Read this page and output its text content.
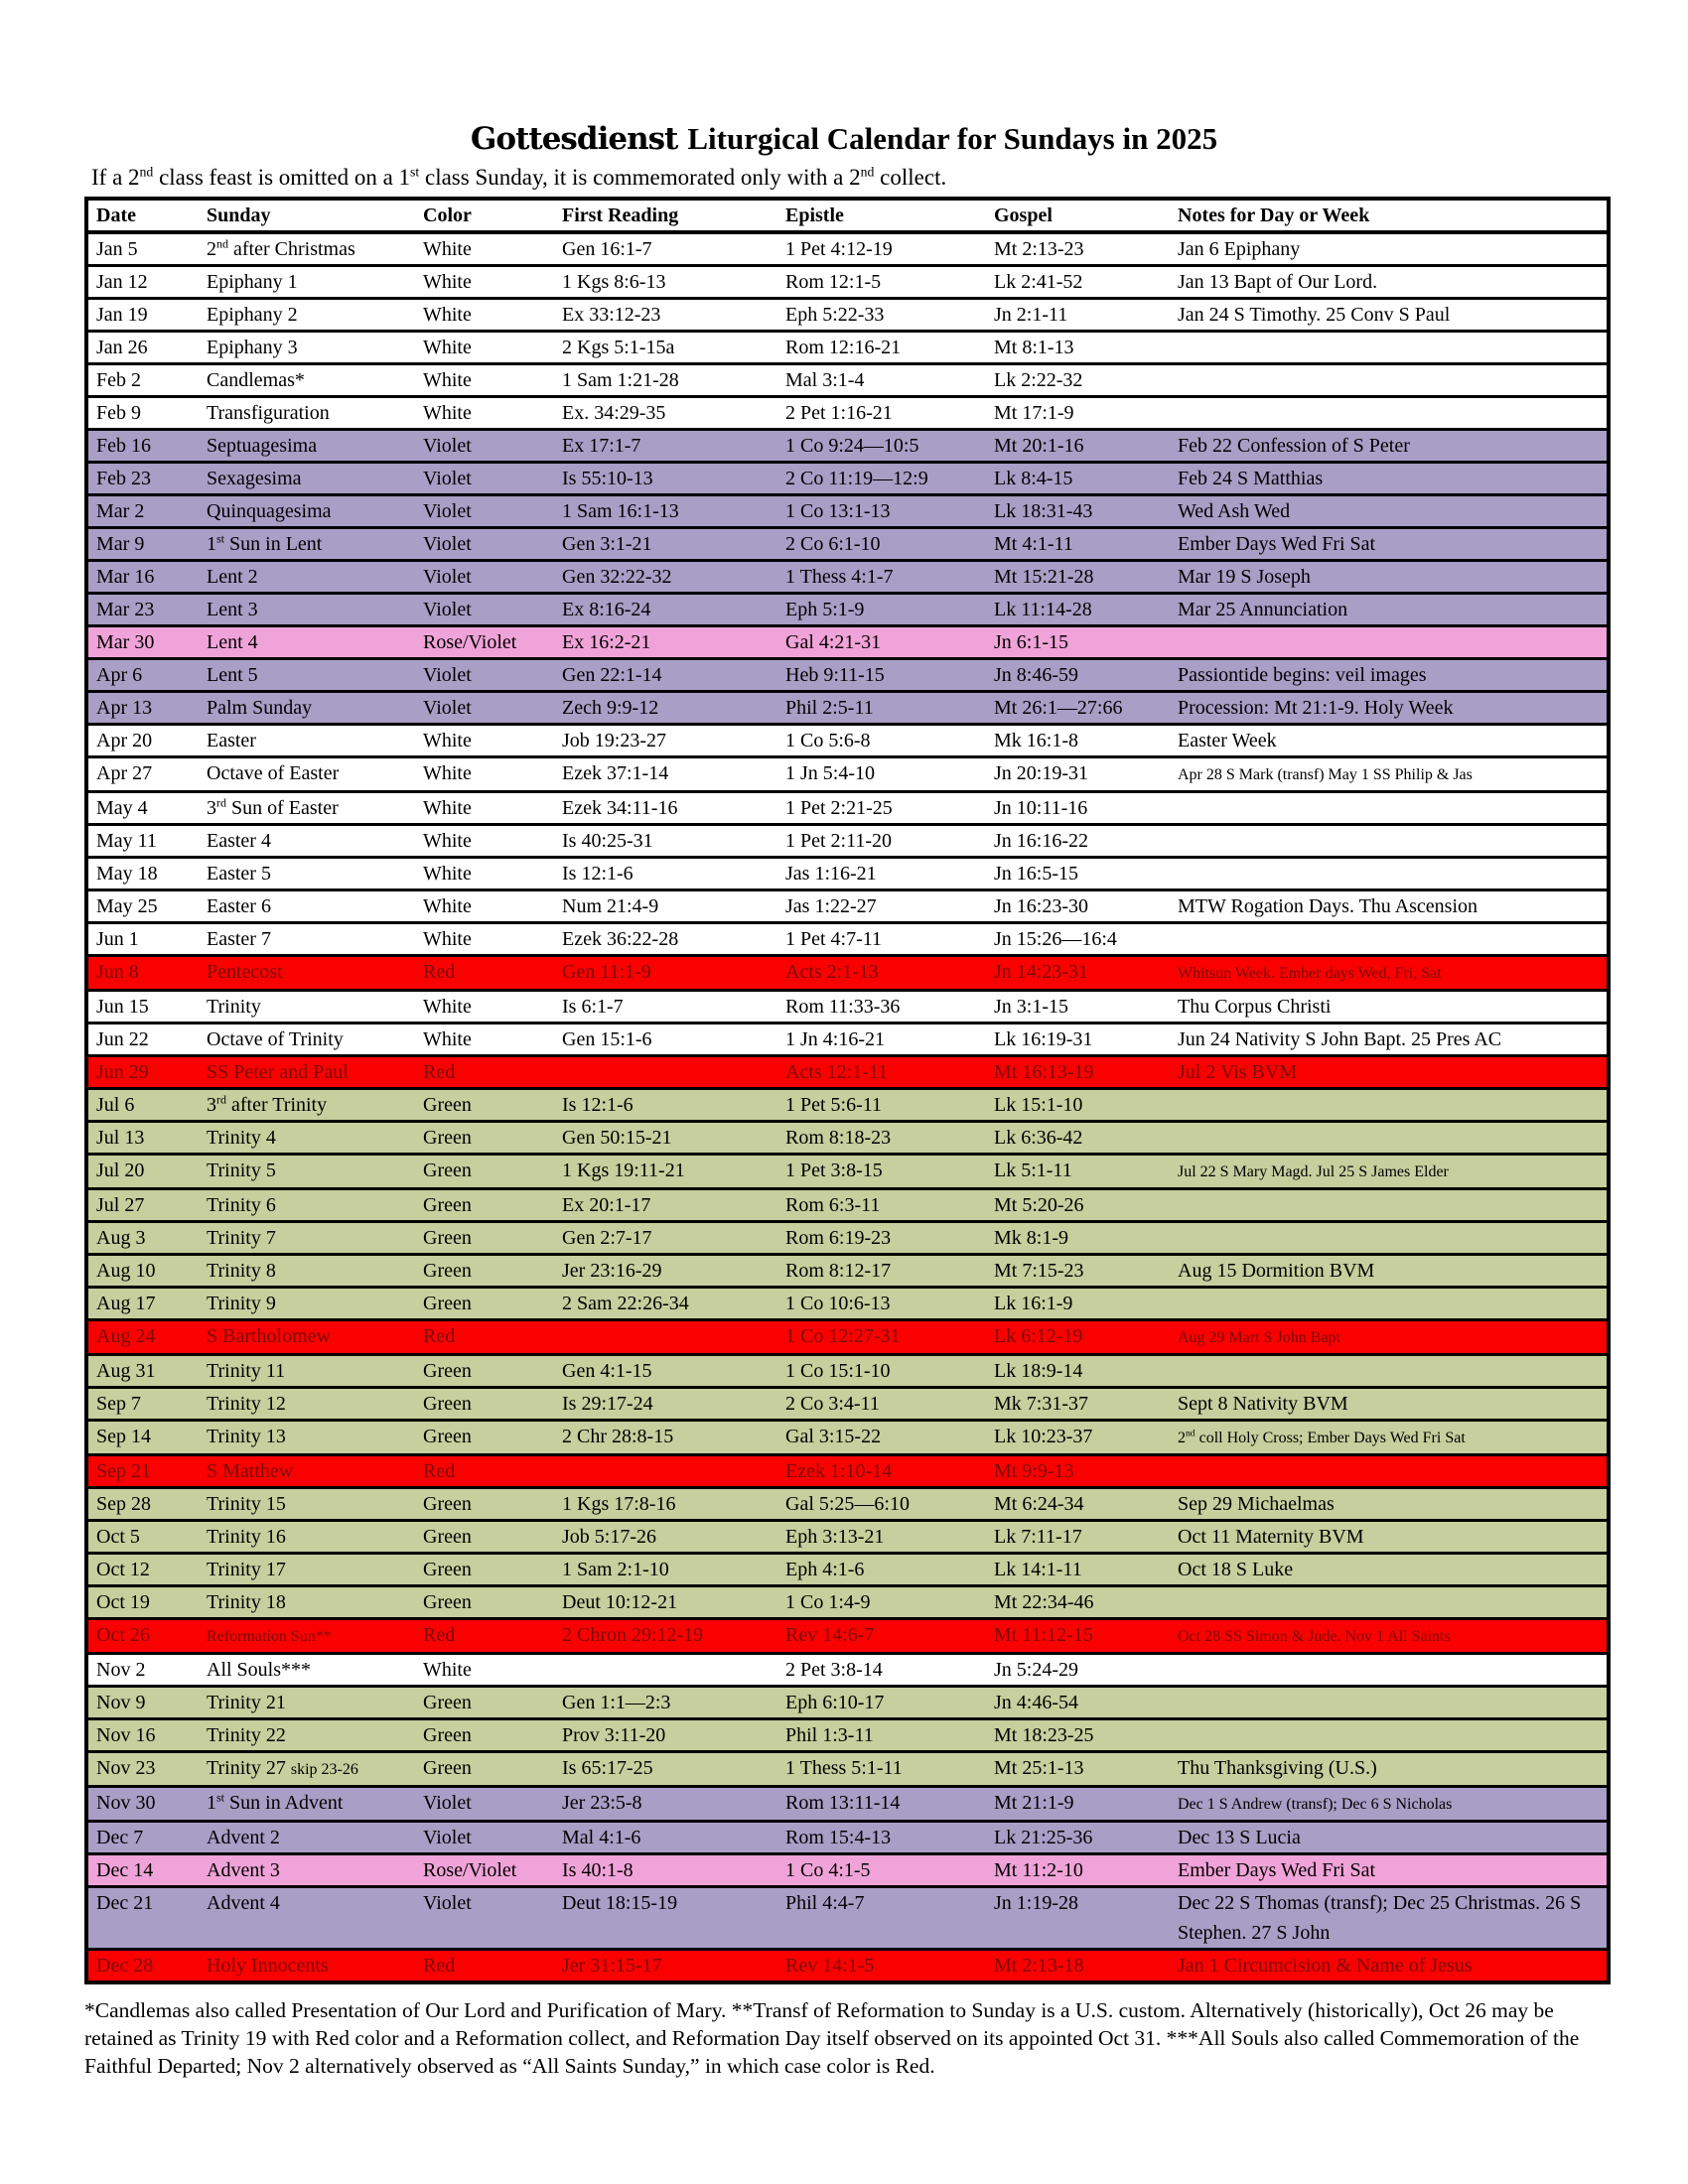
Gottesdienst Liturgical Calendar for Sundays in 2025
If a 2nd class feast is omitted on a 1st class Sunday, it is commemorated only with a 2nd collect.
Date	Sunday	Color	First Reading	Epistle	Gospel	Notes for Day or Week
Jan 5	2nd after Christmas	White	Gen 16:1-7	1 Pet 4:12-19	Mt 2:13-23	Jan 6 Epiphany
Jan 12	Epiphany 1	White	1 Kgs 8:6-13	Rom 12:1-5	Lk 2:41-52	Jan 13 Bapt of Our Lord.
Jan 19	Epiphany 2	White	Ex 33:12-23	Eph 5:22-33	Jn 2:1-11	Jan 24 S Timothy. 25 Conv S Paul
Jan 26	Epiphany 3	White	2 Kgs 5:1-15a	Rom 12:16-21	Mt 8:1-13	
Feb 2	Candlemas*	White	1 Sam 1:21-28	Mal 3:1-4	Lk 2:22-32	
Feb 9	Transfiguration	White	Ex. 34:29-35	2 Pet 1:16-21	Mt 17:1-9	
Feb 16	Septuagesima	Violet	Ex 17:1-7	1 Co 9:24—10:5	Mt 20:1-16	Feb 22 Confession of S Peter
Feb 23	Sexagesima	Violet	Is 55:10-13	2 Co 11:19—12:9	Lk 8:4-15	Feb 24 S Matthias
Mar 2	Quinquagesima	Violet	1 Sam 16:1-13	1 Co 13:1-13	Lk 18:31-43	Wed Ash Wed
Mar 9	1st Sun in Lent	Violet	Gen 3:1-21	2 Co 6:1-10	Mt 4:1-11	Ember Days Wed Fri Sat
Mar 16	Lent 2	Violet	Gen 32:22-32	1 Thess 4:1-7	Mt 15:21-28	Mar 19 S Joseph
Mar 23	Lent 3	Violet	Ex 8:16-24	Eph 5:1-9	Lk 11:14-28	Mar 25 Annunciation
Mar 30	Lent 4	Rose/Violet	Ex 16:2-21	Gal 4:21-31	Jn 6:1-15	
Apr 6	Lent 5	Violet	Gen 22:1-14	Heb 9:11-15	Jn 8:46-59	Passiontide begins: veil images
Apr 13	Palm Sunday	Violet	Zech 9:9-12	Phil 2:5-11	Mt 26:1—27:66	Procession: Mt 21:1-9. Holy Week
Apr 20	Easter	White	Job 19:23-27	1 Co 5:6-8	Mk 16:1-8	Easter Week
Apr 27	Octave of Easter	White	Ezek 37:1-14	1 Jn 5:4-10	Jn 20:19-31	Apr 28 S Mark (transf) May 1 SS Philip & Jas
May 4	3rd Sun of Easter	White	Ezek 34:11-16	1 Pet 2:21-25	Jn 10:11-16	
May 11	Easter 4	White	Is 40:25-31	1 Pet 2:11-20	Jn 16:16-22	
May 18	Easter 5	White	Is 12:1-6	Jas 1:16-21	Jn 16:5-15	
May 25	Easter 6	White	Num 21:4-9	Jas 1:22-27	Jn 16:23-30	MTW Rogation Days. Thu Ascension
Jun 1	Easter 7	White	Ezek 36:22-28	1 Pet 4:7-11	Jn 15:26—16:4	
Jun 8	Pentecost	Red	Gen 11:1-9	Acts 2:1-13	Jn 14:23-31	Whitsun Week. Ember days Wed, Fri, Sat
Jun 15	Trinity	White	Is 6:1-7	Rom 11:33-36	Jn 3:1-15	Thu Corpus Christi
Jun 22	Octave of Trinity	White	Gen 15:1-6	1 Jn 4:16-21	Lk 16:19-31	Jun 24 Nativity S John Bapt. 25 Pres AC
Jun 29	SS Peter and Paul	Red		Acts 12:1-11	Mt 16:13-19	Jul 2 Vis BVM
Jul 6	3rd after Trinity	Green	Is 12:1-6	1 Pet 5:6-11	Lk 15:1-10	
Jul 13	Trinity 4	Green	Gen 50:15-21	Rom 8:18-23	Lk 6:36-42	
Jul 20	Trinity 5	Green	1 Kgs 19:11-21	1 Pet 3:8-15	Lk 5:1-11	Jul 22 S Mary Magd. Jul 25 S James Elder
Jul 27	Trinity 6	Green	Ex 20:1-17	Rom 6:3-11	Mt 5:20-26	
Aug 3	Trinity 7	Green	Gen 2:7-17	Rom 6:19-23	Mk 8:1-9	
Aug 10	Trinity 8	Green	Jer 23:16-29	Rom 8:12-17	Mt 7:15-23	Aug 15 Dormition BVM
Aug 17	Trinity 9	Green	2 Sam 22:26-34	1 Co 10:6-13	Lk 16:1-9	
Aug 24	S Bartholomew	Red		1 Co 12:27-31	Lk 6:12-19	Aug 29 Mart S John Bapt
Aug 31	Trinity 11	Green	Gen 4:1-15	1 Co 15:1-10	Lk 18:9-14	
Sep 7	Trinity 12	Green	Is 29:17-24	2 Co 3:4-11	Mk 7:31-37	Sept 8 Nativity BVM
Sep 14	Trinity 13	Green	2 Chr 28:8-15	Gal 3:15-22	Lk 10:23-37	2nd coll Holy Cross; Ember Days Wed Fri Sat
Sep 21	S Matthew	Red		Ezek 1:10-14	Mt 9:9-13	
Sep 28	Trinity 15	Green	1 Kgs 17:8-16	Gal 5:25—6:10	Mt 6:24-34	Sep 29 Michaelmas
Oct 5	Trinity 16	Green	Job 5:17-26	Eph 3:13-21	Lk 7:11-17	Oct 11 Maternity BVM
Oct 12	Trinity 17	Green	1 Sam 2:1-10	Eph 4:1-6	Lk 14:1-11	Oct 18 S Luke
Oct 19	Trinity 18	Green	Deut 10:12-21	1 Co 1:4-9	Mt 22:34-46	
Oct 26	Reformation Sun**	Red	2 Chron 29:12-19	Rev 14:6-7	Mt 11:12-15	Oct 28 SS Simon & Jude. Nov 1 All Saints
Nov 2	All Souls***	White		2 Pet 3:8-14	Jn 5:24-29	
Nov 9	Trinity 21	Green	Gen 1:1—2:3	Eph 6:10-17	Jn 4:46-54	
Nov 16	Trinity 22	Green	Prov 3:11-20	Phil 1:3-11	Mt 18:23-25	
Nov 23	Trinity 27 skip 23-26	Green	Is 65:17-25	1 Thess 5:1-11	Mt 25:1-13	Thu Thanksgiving (U.S.)
Nov 30	1st Sun in Advent	Violet	Jer 23:5-8	Rom 13:11-14	Mt 21:1-9	Dec 1 S Andrew (transf); Dec 6 S Nicholas
Dec 7	Advent 2	Violet	Mal 4:1-6	Rom 15:4-13	Lk 21:25-36	Dec 13 S Lucia
Dec 14	Advent 3	Rose/Violet	Is 40:1-8	1 Co 4:1-5	Mt 11:2-10	Ember Days Wed Fri Sat
Dec 21	Advent 4	Violet	Deut 18:15-19	Phil 4:4-7	Jn 1:19-28	Dec 22 S Thomas (transf); Dec 25 Christmas. 26 S Stephen. 27 S John
Dec 28	Holy Innocents	Red	Jer 31:15-17	Rev 14:1-5	Mt 2:13-18	Jan 1 Circumcision & Name of Jesus
*Candlemas also called Presentation of Our Lord and Purification of Mary. **Transf of Reformation to Sunday is a U.S. custom. Alternatively (historically), Oct 26 may be retained as Trinity 19 with Red color and a Reformation collect, and Reformation Day itself observed on its appointed Oct 31. ***All Souls also called Commemoration of the Faithful Departed; Nov 2 alternatively observed as “All Saints Sunday,” in which case color is Red.
